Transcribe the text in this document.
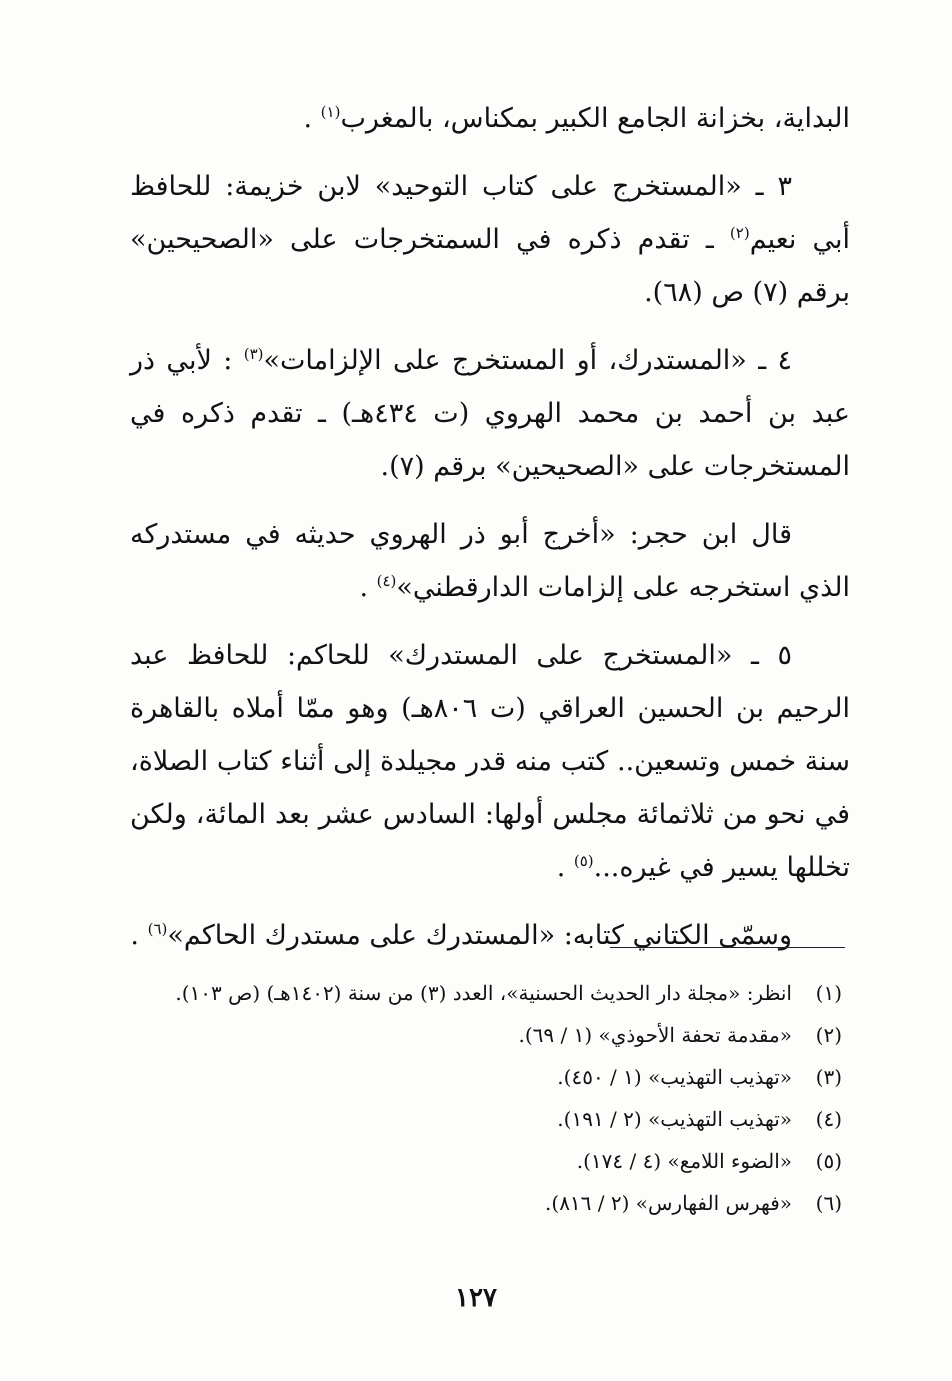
البداية، بخزانة الجامع الكبير بمكناس، بالمغرب$^{(١)}$ .

٣ ـ «المستخرج على كتاب التوحيد» لابن خزيمة: للحافظ أبي نعيم$^{(٢)}$ ـ تقدم ذكره في السمتخرجات على «الصحيحين» برقم (٧) ص (٦٨).

٤ ـ «المستدرك، أو المستخرج على الإلزامات»$^{(٣)}$ : لأبي ذر عبد بن أحمد بن محمد الهروي (ت ٤٣٤هـ) ـ تقدم ذكره في المستخرجات على «الصحيحين» برقم (٧).

قال ابن حجر: «أخرج أبو ذر الهروي حديثه في مستدركه الذي استخرجه على إلزامات الدارقطني»$^{(٤)}$ .

٥ ـ «المستخرج على المستدرك» للحاكم: للحافظ عبد الرحيم بن الحسين العراقي (ت ٨٠٦هـ) وهو ممّا أملاه بالقاهرة سنة خمس وتسعين.. كتب منه قدر مجيلدة إلى أثناء كتاب الصلاة، في نحو من ثلاثمائة مجلس أولها: السادس عشر بعد المائة، ولكن تخللها يسير في غيره...$^{(٥)}$ .

وسمّى الكتاني كتابه: «المستدرك على مستدرك الحاكم»$^{(٦)}$ .

(١)انظر: «مجلة دار الحديث الحسنية»، العدد (٣) من سنة (١٤٠٢هـ) (ص ١٠٣).
(٢)«مقدمة تحفة الأحوذي» (١ / ٦٩).
(٣)«تهذيب التهذيب» (١ / ٤٥٠).
(٤)«تهذيب التهذيب» (٢ / ١٩١).
(٥)«الضوء اللامع» (٤ / ١٧٤).
(٦)«فهرس الفهارس» (٢ / ٨١٦).
١٢٧
